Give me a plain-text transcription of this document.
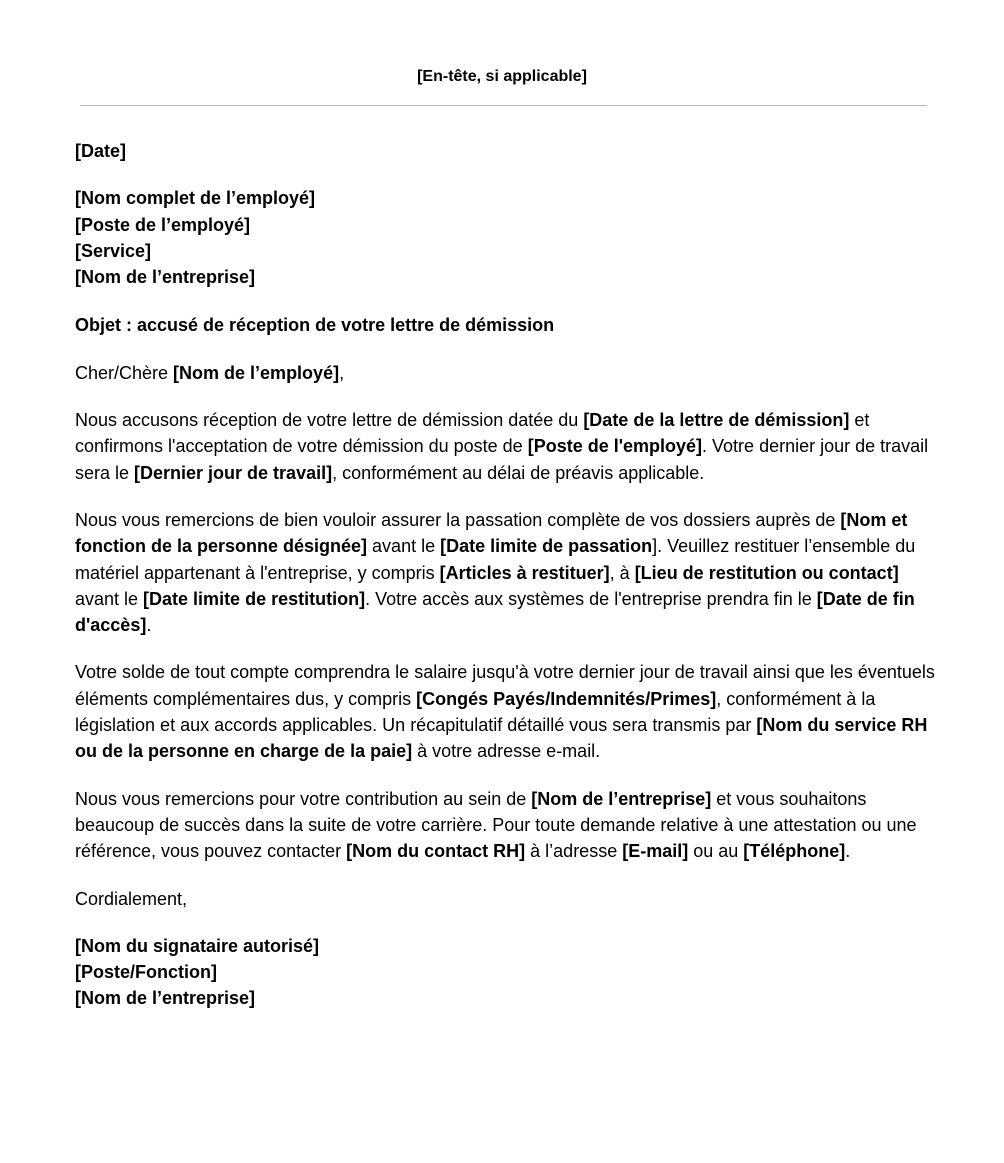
[En-tête, si applicable]

[Date]

[Nom complet de l’employé]
[Poste de l’employé]
[Service]
[Nom de l’entreprise]

Objet : accusé de réception de votre lettre de démission

Cher/Chère [Nom de l’employé],

Nous accusons réception de votre lettre de démission datée du [Date de la lettre de démission] et confirmons l'acceptation de votre démission du poste de [Poste de l'employé]. Votre dernier jour de travail sera le [Dernier jour de travail], conformément au délai de préavis applicable.

Nous vous remercions de bien vouloir assurer la passation complète de vos dossiers auprès de [Nom et fonction de la personne désignée] avant le [Date limite de passation]. Veuillez restituer l’ensemble du matériel appartenant à l'entreprise, y compris [Articles à restituer], à [Lieu de restitution ou contact] avant le [Date limite de restitution]. Votre accès aux systèmes de l'entreprise prendra fin le [Date de fin d'accès].

Votre solde de tout compte comprendra le salaire jusqu'à votre dernier jour de travail ainsi que les éventuels éléments complémentaires dus, y compris [Congés Payés/Indemnités/Primes], conformément à la législation et aux accords applicables. Un récapitulatif détaillé vous sera transmis par [Nom du service RH ou de la personne en charge de la paie] à votre adresse e-mail.

Nous vous remercions pour votre contribution au sein de [Nom de l’entreprise] et vous souhaitons beaucoup de succès dans la suite de votre carrière. Pour toute demande relative à une attestation ou une référence, vous pouvez contacter [Nom du contact RH] à l’adresse [E-mail] ou au [Téléphone].

Cordialement,

[Nom du signataire autorisé]
[Poste/Fonction]
[Nom de l’entreprise]
